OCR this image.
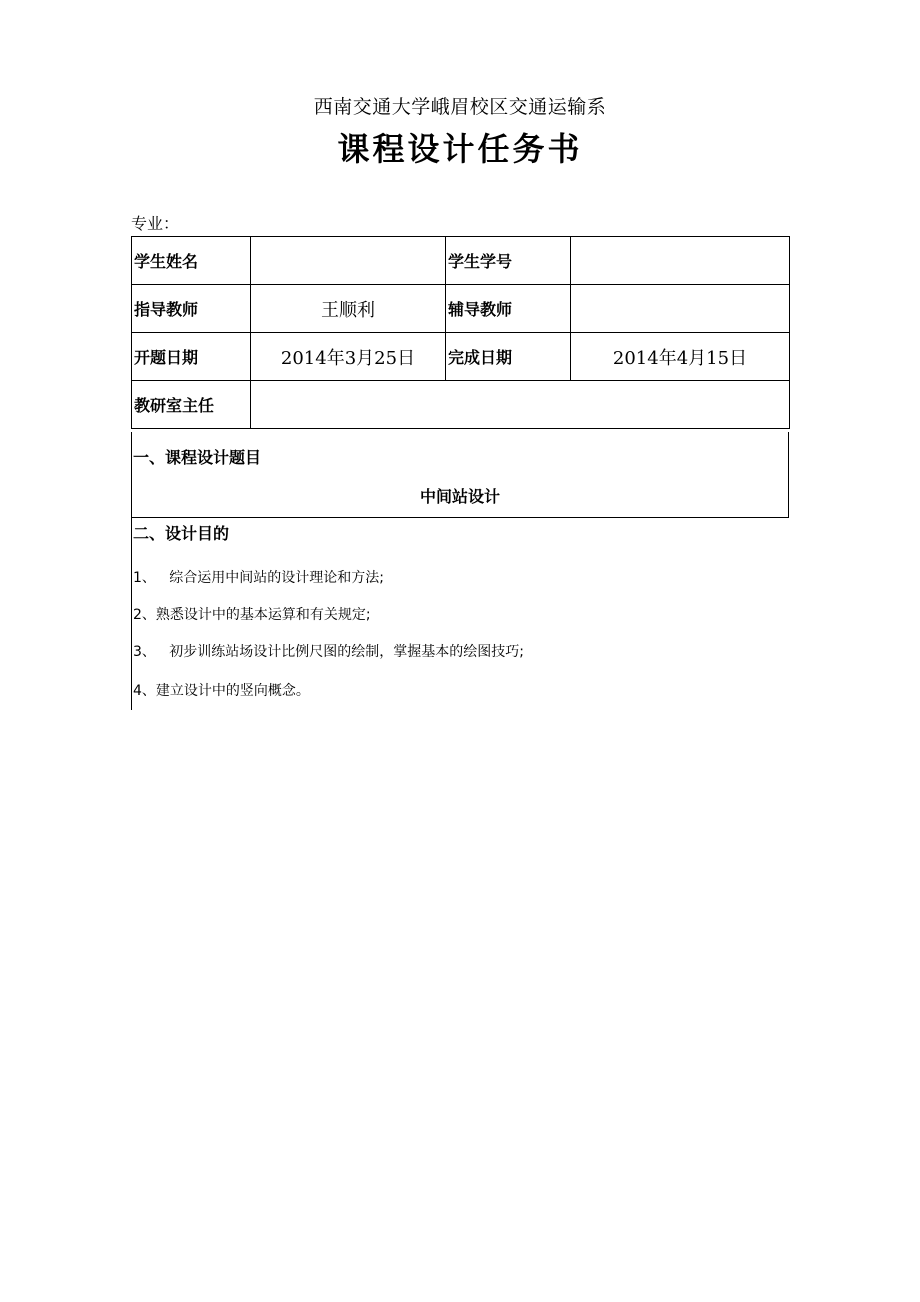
西南交通大学峨眉校区交通运输系
课程设计任务书
专业：
学生姓名		学生学号	
指导教师	王顺利	辅导教师	
开题日期	2014年3月25日	完成日期	2014年4月15日
教研室主任			
一、课程设计题目
中间站设计
二、设计目的
1、   综合运用中间站的设计理论和方法;
2、熟悉设计中的基本运算和有关规定;
3、   初步训练站场设计比例尺图的绘制，掌握基本的绘图技巧;
4、建立设计中的竖向概念。
